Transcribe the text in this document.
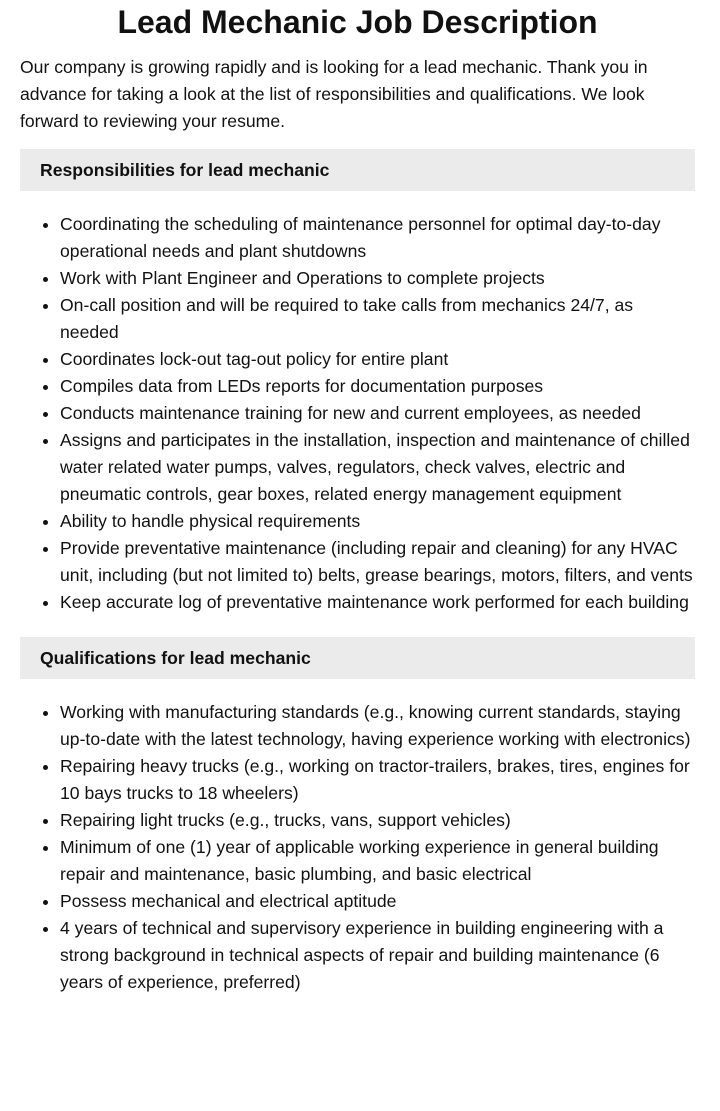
Lead Mechanic Job Description

Our company is growing rapidly and is looking for a lead mechanic. Thank you in advance for taking a look at the list of responsibilities and qualifications. We look forward to reviewing your resume.

Responsibilities for lead mechanic
• Coordinating the scheduling of maintenance personnel for optimal day-to-day operational needs and plant shutdowns
• Work with Plant Engineer and Operations to complete projects
• On-call position and will be required to take calls from mechanics 24/7, as needed
• Coordinates lock-out tag-out policy for entire plant
• Compiles data from LEDs reports for documentation purposes
• Conducts maintenance training for new and current employees, as needed
• Assigns and participates in the installation, inspection and maintenance of chilled water related water pumps, valves, regulators, check valves, electric and pneumatic controls, gear boxes, related energy management equipment
• Ability to handle physical requirements
• Provide preventative maintenance (including repair and cleaning) for any HVAC unit, including (but not limited to) belts, grease bearings, motors, filters, and vents
• Keep accurate log of preventative maintenance work performed for each building
Qualifications for lead mechanic
• Working with manufacturing standards (e.g., knowing current standards, staying up-to-date with the latest technology, having experience working with electronics)
• Repairing heavy trucks (e.g., working on tractor-trailers, brakes, tires, engines for 10 bays trucks to 18 wheelers)
• Repairing light trucks (e.g., trucks, vans, support vehicles)
• Minimum of one (1) year of applicable working experience in general building repair and maintenance, basic plumbing, and basic electrical
• Possess mechanical and electrical aptitude
• 4 years of technical and supervisory experience in building engineering with a strong background in technical aspects of repair and building maintenance (6 years of experience, preferred)
